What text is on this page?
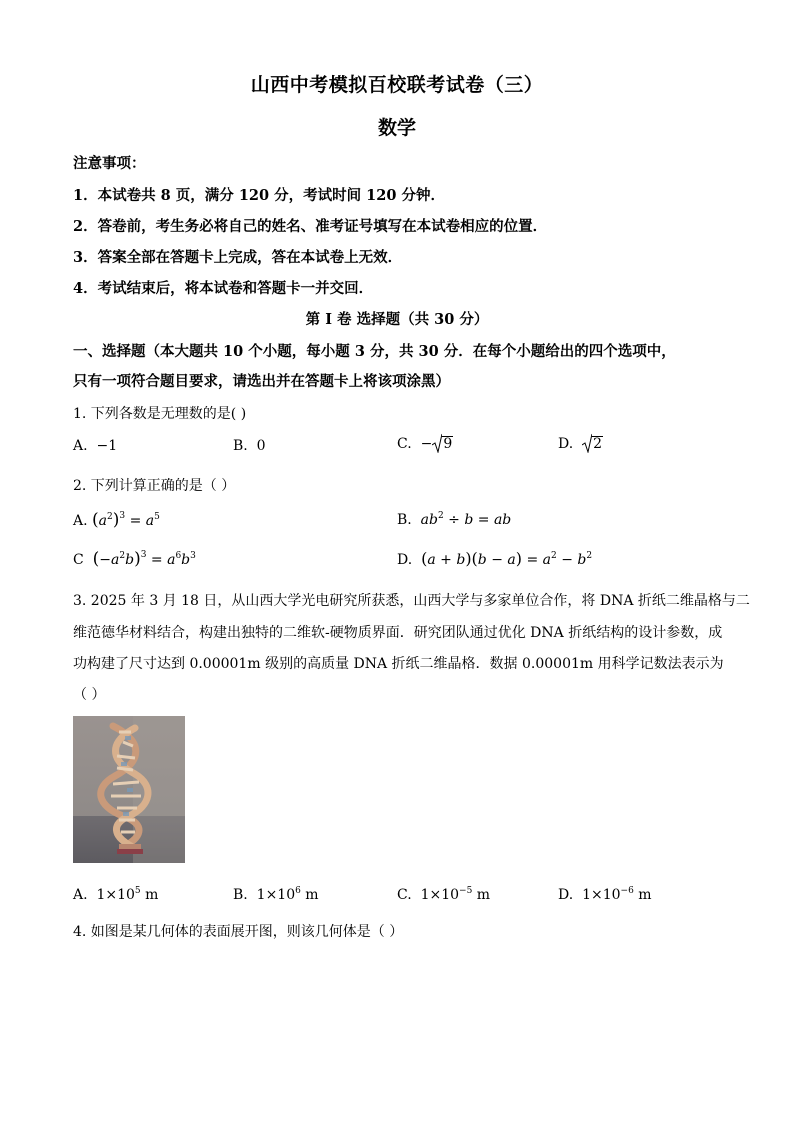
山西中考模拟百校联考试卷（三）
数学
注意事项：
1．本试卷共 8 页，满分 120 分，考试时间 120 分钟．
2．答卷前，考生务必将自己的姓名、准考证号填写在本试卷相应的位置．
3．答案全部在答题卡上完成，答在本试卷上无效．
4．考试结束后，将本试卷和答题卡一并交回．
第 I 卷 选择题（共 30 分）
一、选择题（本大题共 10 个小题，每小题 3 分，共 30 分．在每个小题给出的四个选项中，
只有一项符合题目要求，请选出并在答题卡上将该项涂黑）
1. 下列各数是无理数的是( )
A. −1	B. 0	C. − 9	D. 2
2. 下列计算正确的是（ ）
A. $(a^2)^3 = a^5$	B. $ab^2 \div b$ = ab
C $(-a^2b)^3 = a^6b^3$	D. $(a + b)(b - a) = a^2 - b^2$
3. 2025 年 3 月 18 日，从山西大学光电研究所获悉，山西大学与多家单位合作，将 DNA 折纸二维晶格与二
维范德华材料结合，构建出独特的二维软-硬物质界面．研究团队通过优化 DNA 折纸结构的设计参数，成
功构建了尺寸达到 0.00001m 级别的高质量 DNA 折纸二维晶格．数据 0.00001m 用科学记数法表示为
（ ）
A. $1\times 10^5$ m	B. $1\times 10^6$ m	C. $1\times 10^{-5}$ m	D. $1\times 10^{-6}$ m
4. 如图是某几何体的表面展开图，则该几何体是（ ）
